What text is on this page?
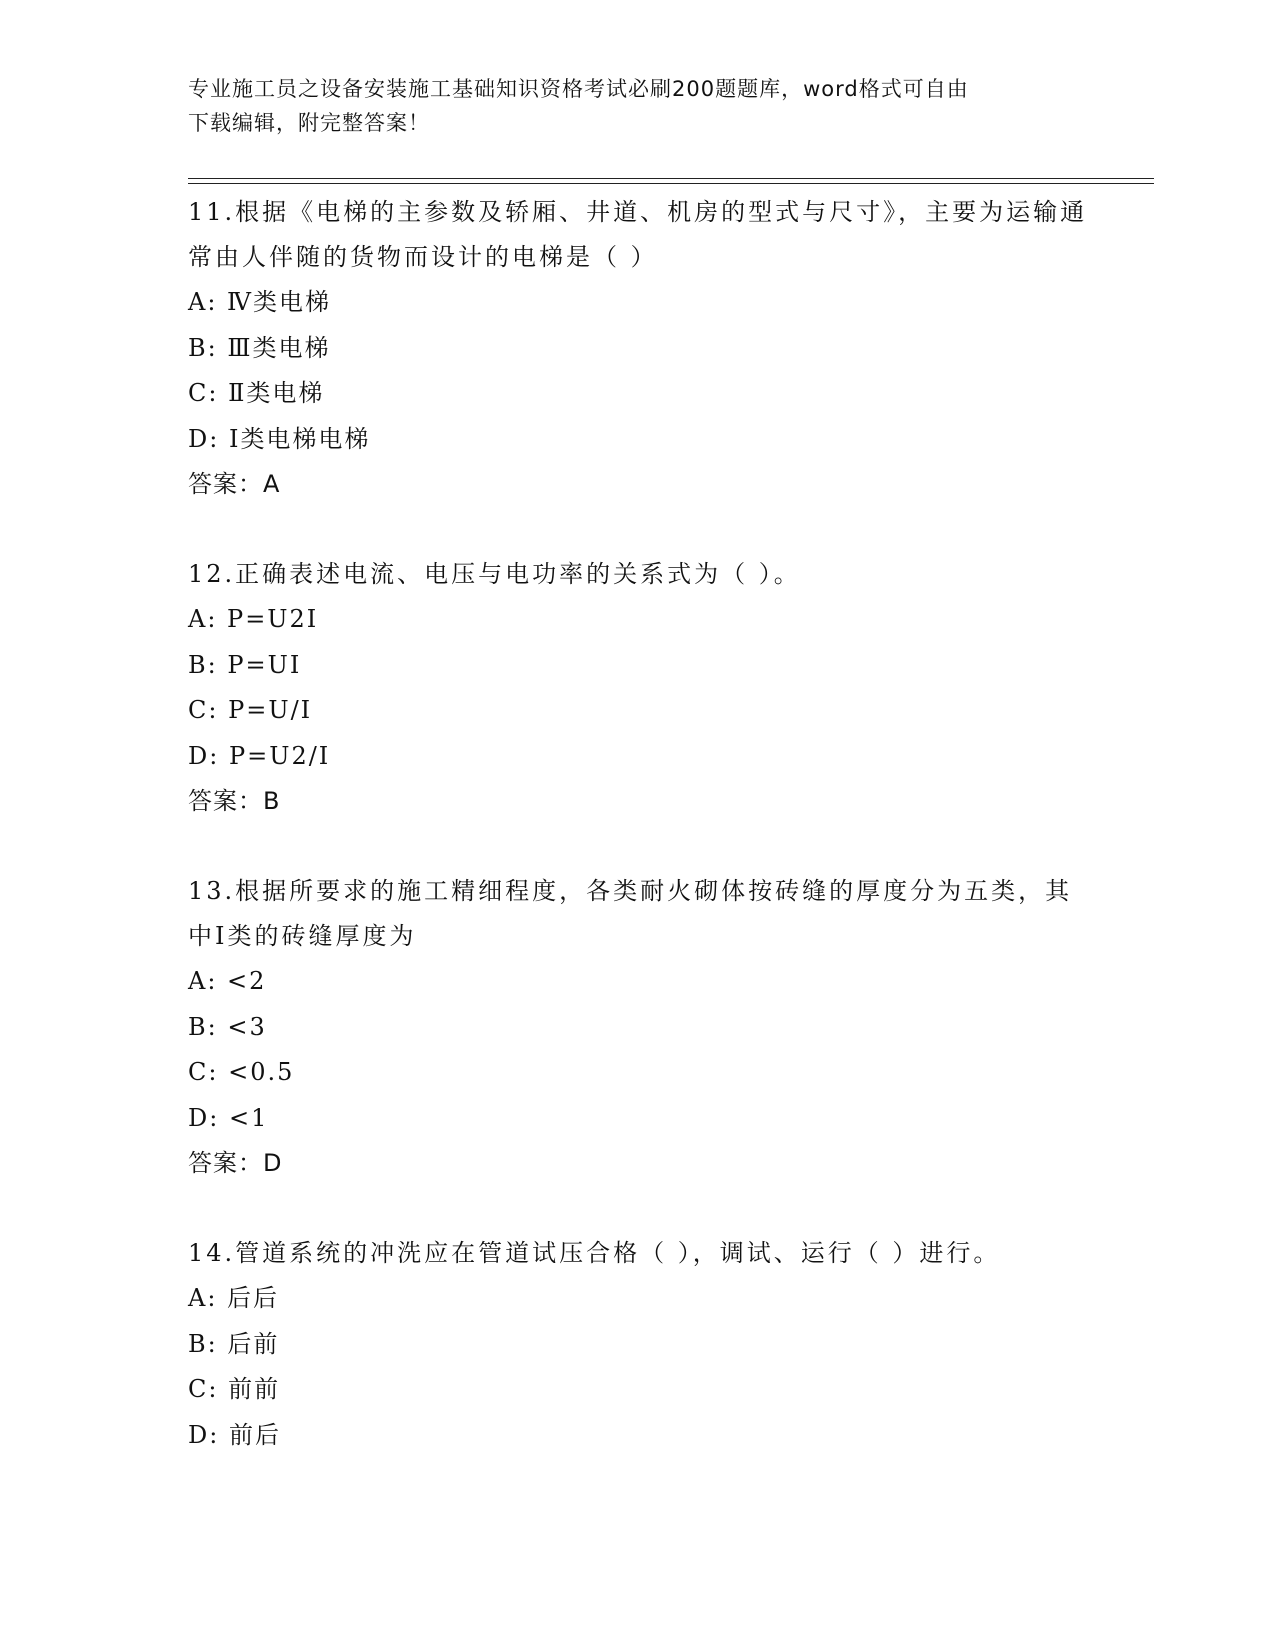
专业施工员之设备安装施工基础知识资格考试必刷200题题库，word格式可自由
下载编辑，附完整答案！
11.根据《电梯的主参数及轿厢、井道、机房的型式与尺寸》，主要为运输通常由人伴随的货物而设计的电梯是（ ）
A: Ⅳ类电梯
B: Ⅲ类电梯
C: Ⅱ类电梯
D: Ⅰ类电梯电梯
答案：A
12.正确表述电流、电压与电功率的关系式为（ ）。
A: P=U2I
B: P=UI
C: P=U/I
D: P=U2/I
答案：B
13.根据所要求的施工精细程度，各类耐火砌体按砖缝的厚度分为五类，其中Ⅰ类的砖缝厚度为
A: <2
B: <3
C: <0.5
D: <1
答案：D
14.管道系统的冲洗应在管道试压合格（ ），调试、运行（ ）进行。
A: 后后
B: 后前
C: 前前
D: 前后
